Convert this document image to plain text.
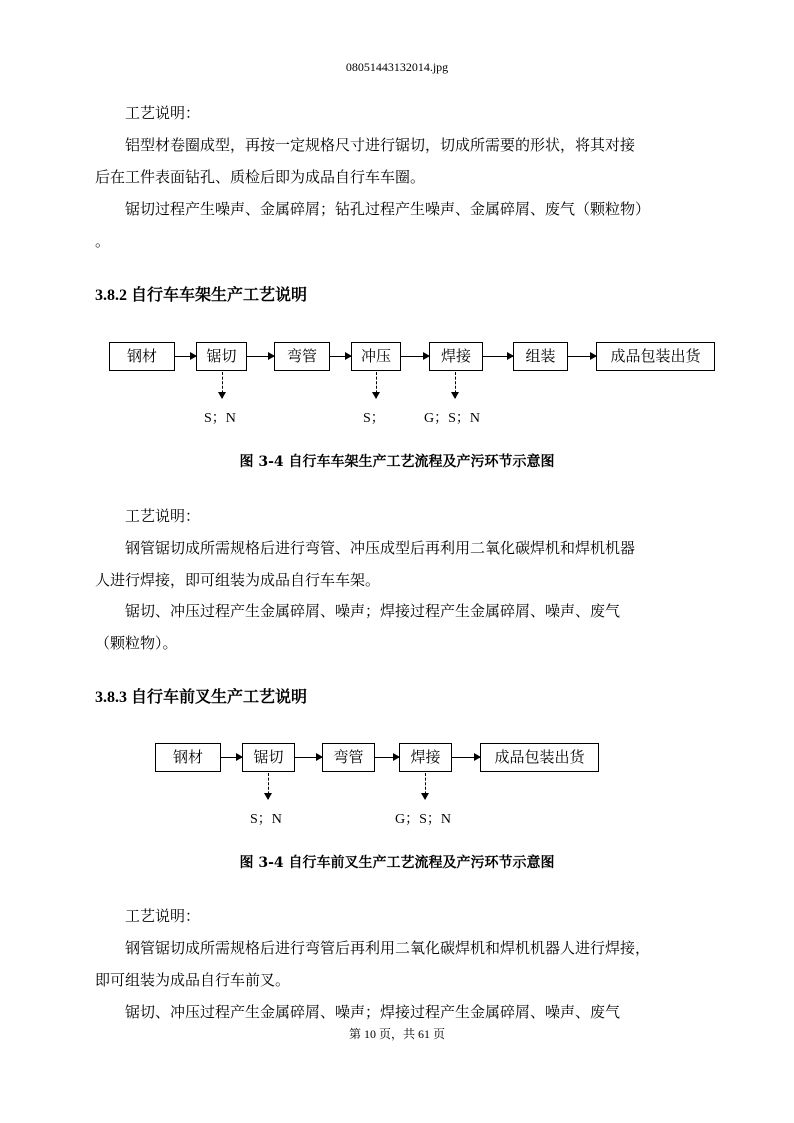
08051443132014.jpg
工艺说明：
铝型材卷圈成型，再按一定规格尺寸进行锯切，切成所需要的形状，将其对接
后在工件表面钻孔、质检后即为成品自行车车圈。
锯切过程产生噪声、金属碎屑；钻孔过程产生噪声、金属碎屑、废气（颗粒物）
。
3.8.2 自行车车架生产工艺说明
钢材	锯切	弯管	冲压	焊接	组装	成品包装出货
S；N	S；	G；S；N
图 3-4 自行车车架生产工艺流程及产污环节示意图
工艺说明：
钢管锯切成所需规格后进行弯管、冲压成型后再利用二氧化碳焊机和焊机机器
人进行焊接，即可组装为成品自行车车架。
锯切、冲压过程产生金属碎屑、噪声；焊接过程产生金属碎屑、噪声、废气
（颗粒物）。
3.8.3 自行车前叉生产工艺说明
钢材	锯切	弯管	焊接	成品包装出货
S；N	G；S；N
图 3-4 自行车前叉生产工艺流程及产污环节示意图
工艺说明：
钢管锯切成所需规格后进行弯管后再利用二氧化碳焊机和焊机机器人进行焊接，
即可组装为成品自行车前叉。
锯切、冲压过程产生金属碎屑、噪声；焊接过程产生金属碎屑、噪声、废气
第 10 页，共 61 页
